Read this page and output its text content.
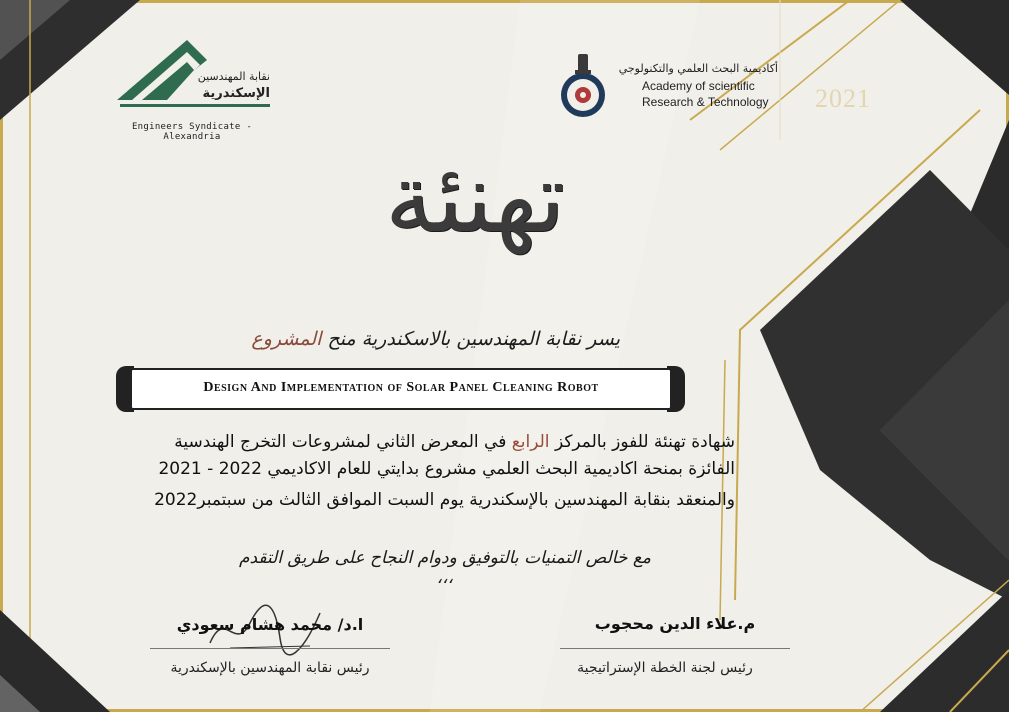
نقابة المهندسين
الإسكندرية
Engineers Syndicate - Alexandria
أكاديمية البحث العلمي والتكنولوجي
Academy of scientific
Research & Technology 2021
تهنئة
يسر نقابة المهندسين بالاسكندرية منح المشروع
Design And Implementation of Solar Panel Cleaning Robot
شهادة تهنئة للفوز بالمركز الرابع في المعرض الثاني لمشروعات التخرج الهندسية
الفائزة بمنحة اكاديمية البحث العلمي مشروع بدايتي للعام الاكاديمي 2022 - 2021
والمنعقد بنقابة المهندسين بالإسكندرية يوم السبت الموافق الثالث من سبتمبر2022
مع خالص التمنيات بالتوفيق ودوام النجاح على طريق التقدم ،،،
ا.د/ محمد هشام سعودي
رئيس نقابة المهندسين بالإسكندرية
م.علاء الدين محجوب
رئيس لجنة الخطة الإستراتيجية
